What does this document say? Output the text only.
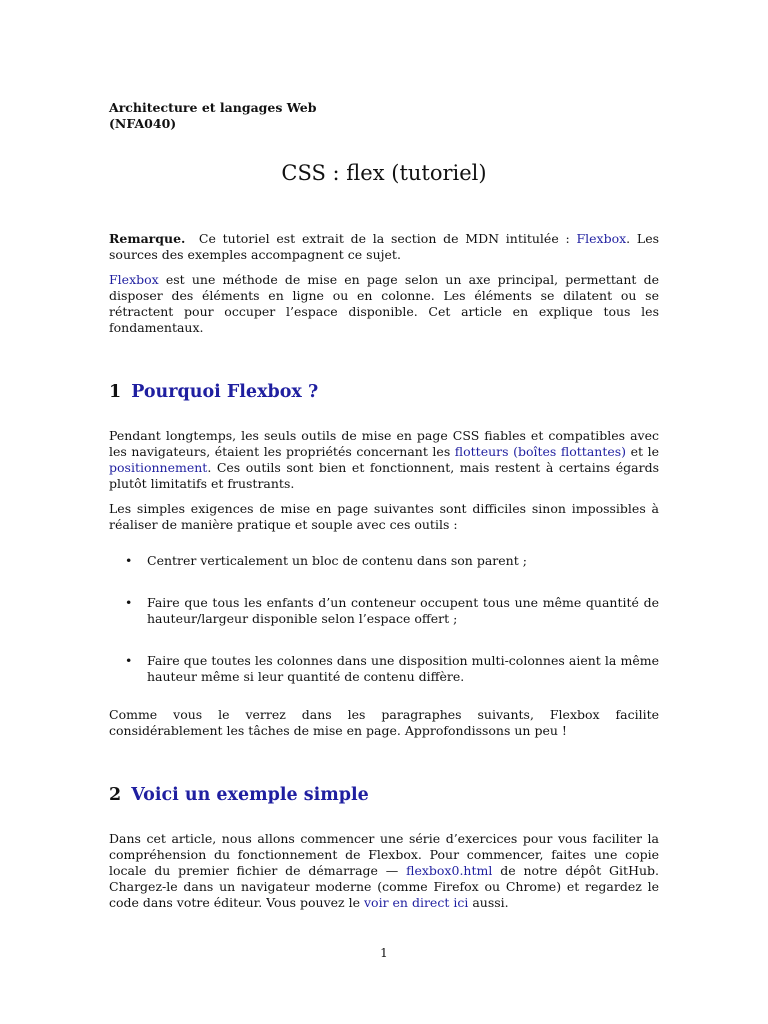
Architecture et langages Web
(NFA040)
CSS : flex (tutoriel)

Remarque. Ce tutoriel est extrait de la section de MDN intitulée : Flexbox. Les sources des exemples accompagnent ce sujet.

Flexbox est une méthode de mise en page selon un axe principal, permettant de disposer des éléments en ligne ou en colonne. Les éléments se dilatent ou se rétractent pour occuper l’espace disponible. Cet article en explique tous les fondamentaux.

1 Pourquoi Flexbox ?

Pendant longtemps, les seuls outils de mise en page CSS fiables et compatibles avec les navigateurs, étaient les propriétés concernant les flotteurs (boîtes flottantes) et le positionnement. Ces outils sont bien et fonctionnent, mais restent à certains égards plutôt limitatifs et frustrants.

Les simples exigences de mise en page suivantes sont difficiles sinon impossibles à réaliser de manière pratique et souple avec ces outils :

• Centrer verticalement un bloc de contenu dans son parent ;
• Faire que tous les enfants d’un conteneur occupent tous une même quantité de hauteur/largeur disponible selon l’espace offert ;
• Faire que toutes les colonnes dans une disposition multi-colonnes aient la même hauteur même si leur quantité de contenu diffère.

Comme vous le verrez dans les paragraphes suivants, Flexbox facilite considérablement les tâches de mise en page. Approfondissons un peu !

2 Voici un exemple simple

Dans cet article, nous allons commencer une série d’exercices pour vous faciliter la compréhension du fonctionnement de Flexbox. Pour commencer, faites une copie locale du premier fichier de démarrage — flexbox0.html de notre dépôt GitHub. Chargez-le dans un navigateur moderne (comme Firefox ou Chrome) et regardez le code dans votre éditeur. Vous pouvez le voir en direct ici aussi.

1
